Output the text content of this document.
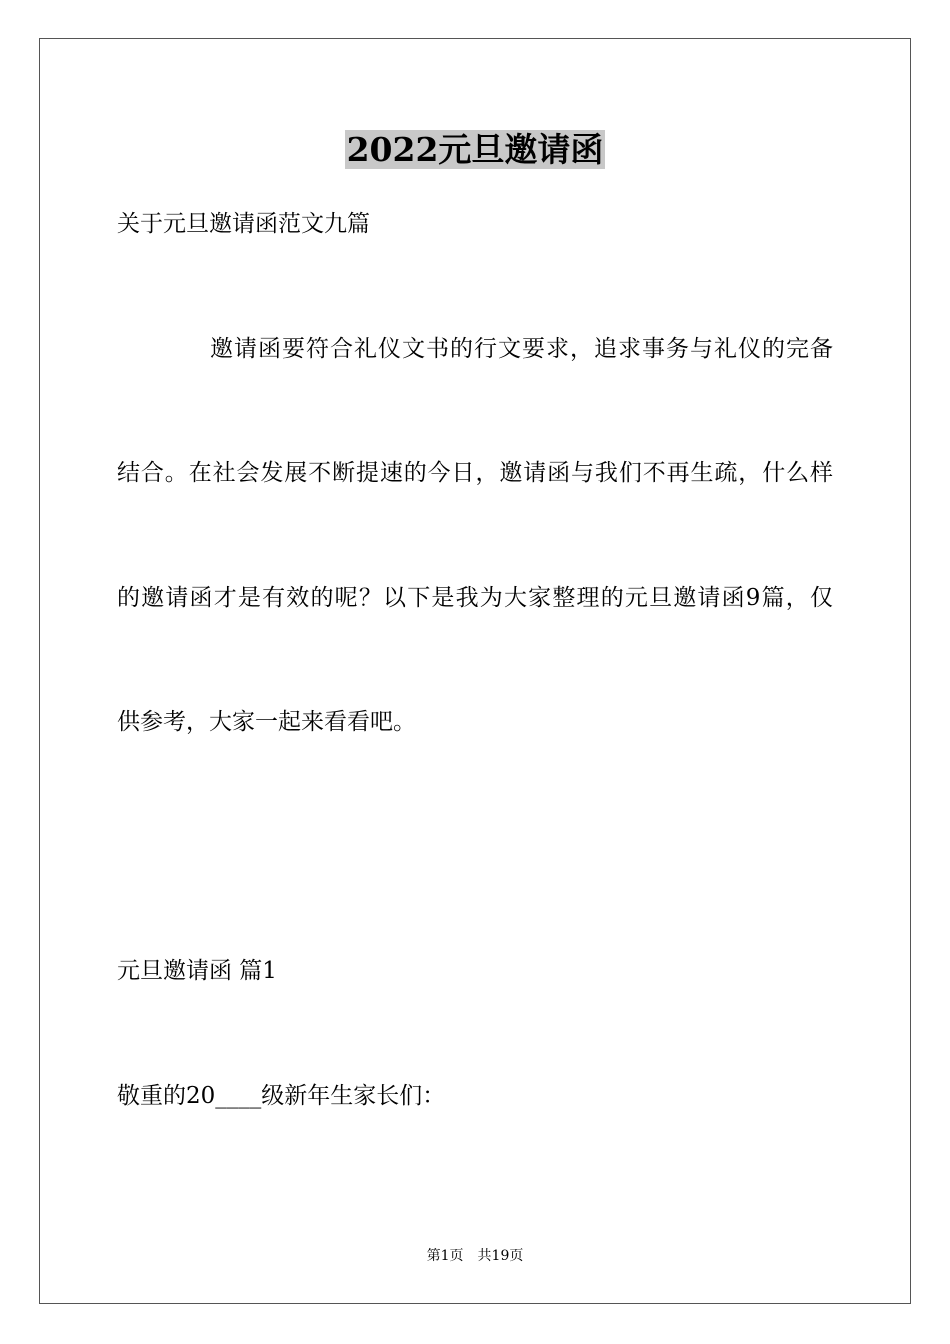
2022元旦邀请函
关于元旦邀请函范文九篇
邀请函要符合礼仪文书的行文要求，追求事务与礼仪的完备
结合。在社会发展不断提速的今日，邀请函与我们不再生疏，什么样
的邀请函才是有效的呢？以下是我为大家整理的元旦邀请函9篇，仅
供参考，大家一起来看看吧。
元旦邀请函 篇1
敬重的20____级新年生家长们：
第1页　共19页
